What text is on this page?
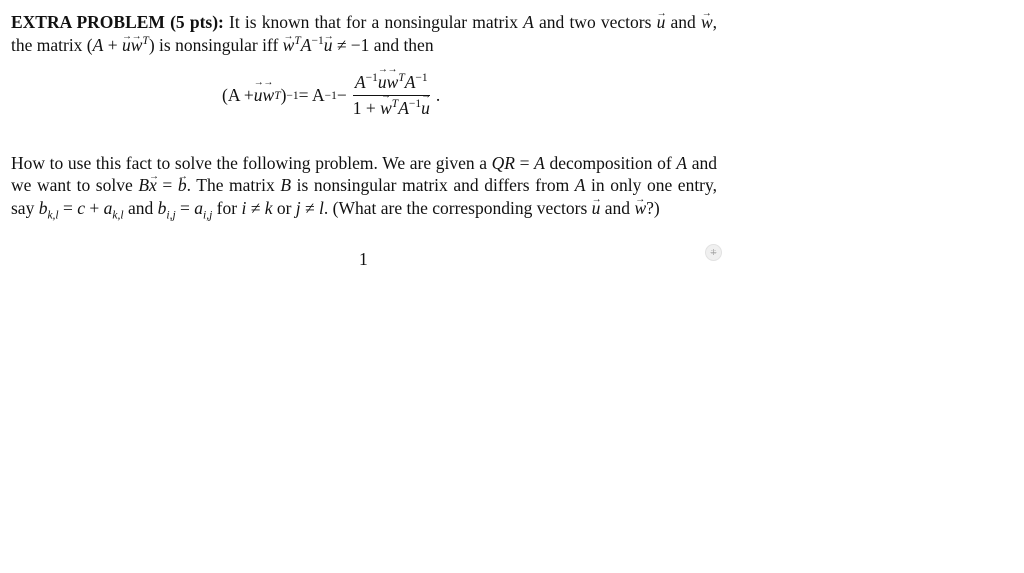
EXTRA PROBLEM (5 pts): It is known that for a nonsingular matrix A and two vectors → u and → w, the matrix (A + → $u\to w^T$) is nonsingular iff → $w^TA^{-1}\to u \ne -1$ and then

(A + → u → w T ) $-1 = A -1 - \frac{A^{-1}\to u\to w^TA^{-1}}{1 + \to w^TA^{-1}\to u}$ .

How to use this fact to solve the following problem. We are given a QR = A decomposition of A and we want to solve B→ x = → b. The matrix B is nonsingular matrix and differs from A in only one entry, say $b_{k,l} = c + a_{k,l}$ and $b_{i,j} = a_{i,j}$ for i ≠ k or j ≠ l. (What are the corresponding vectors → u and → w?)

1	⁜
